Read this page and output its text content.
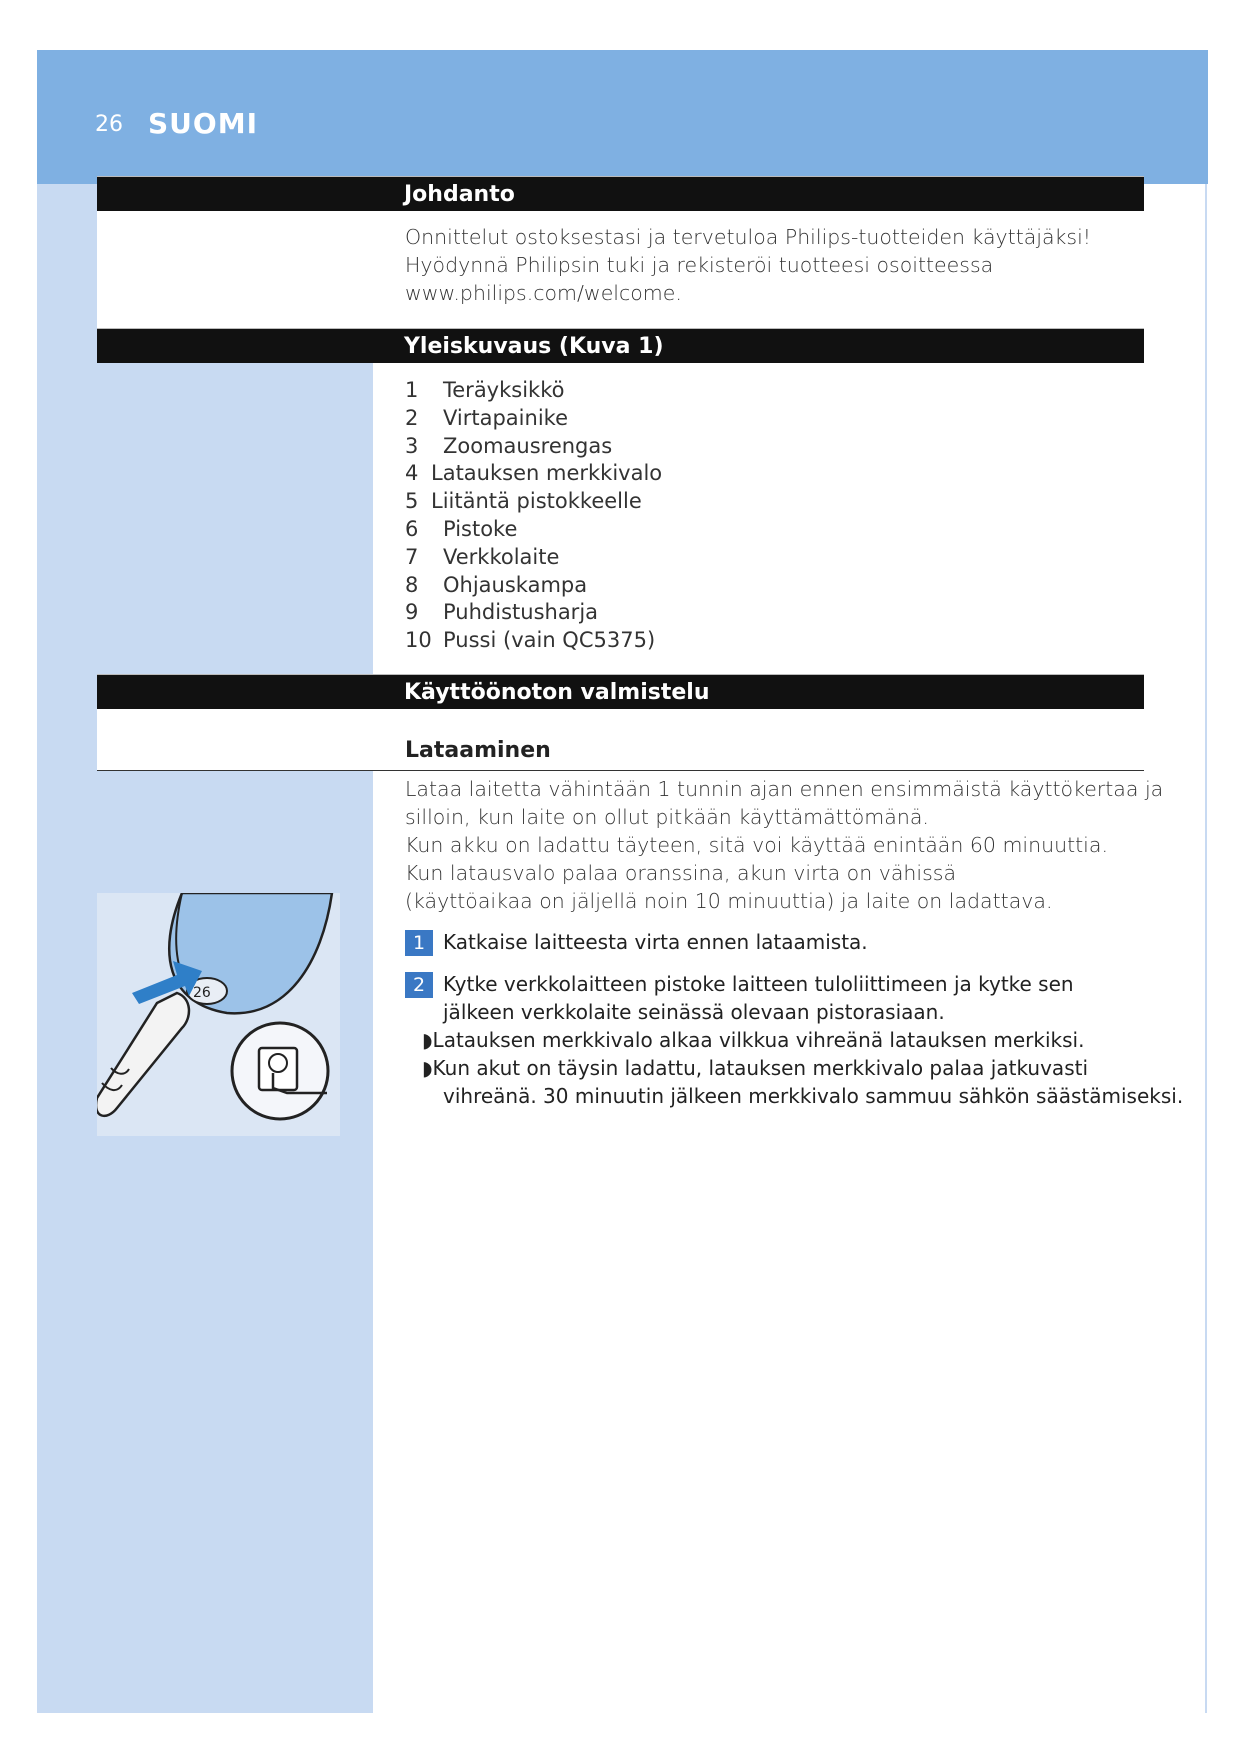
26 SUOMI
Johdanto
Onnittelut ostoksestasi ja tervetuloa Philips-tuotteiden käyttäjäksi!
Hyödynnä Philipsin tuki ja rekisteröi tuotteesi osoitteessa
www.philips.com/welcome.
Yleiskuvaus (Kuva 1)
1	Teräyksikkö
2	Virtapainike
3	Zoomausrengas
4 Latauksen merkkivalo
5 Liitäntä pistokkeelle
6	Pistoke
7	Verkkolaite
8	Ohjauskampa
9	Puhdistusharja
10 Pussi (vain QC5375)
Käyttöönoton valmistelu
Lataaminen
Lataa laitetta vähintään 1 tunnin ajan ennen ensimmäistä käyttökertaa ja
silloin, kun laite on ollut pitkään käyttämättömänä.
Kun akku on ladattu täyteen, sitä voi käyttää enintään 60 minuuttia.
Kun latausvalo palaa oranssina, akun virta on vähissä
(käyttöaikaa on jäljellä noin 10 minuuttia) ja laite on ladattava.
26
1 Katkaise laitteesta virta ennen lataamista.
2 Kytke verkkolaitteen pistoke laitteen tuloliittimeen ja kytke sen
jälkeen verkkolaite seinässä olevaan pistorasiaan.
◗Latauksen merkkivalo alkaa vilkkua vihreänä latauksen merkiksi.
◗Kun akut on täysin ladattu, latauksen merkkivalo palaa jatkuvasti
vihreänä. 30 minuutin jälkeen merkkivalo sammuu sähkön säästämiseksi.
